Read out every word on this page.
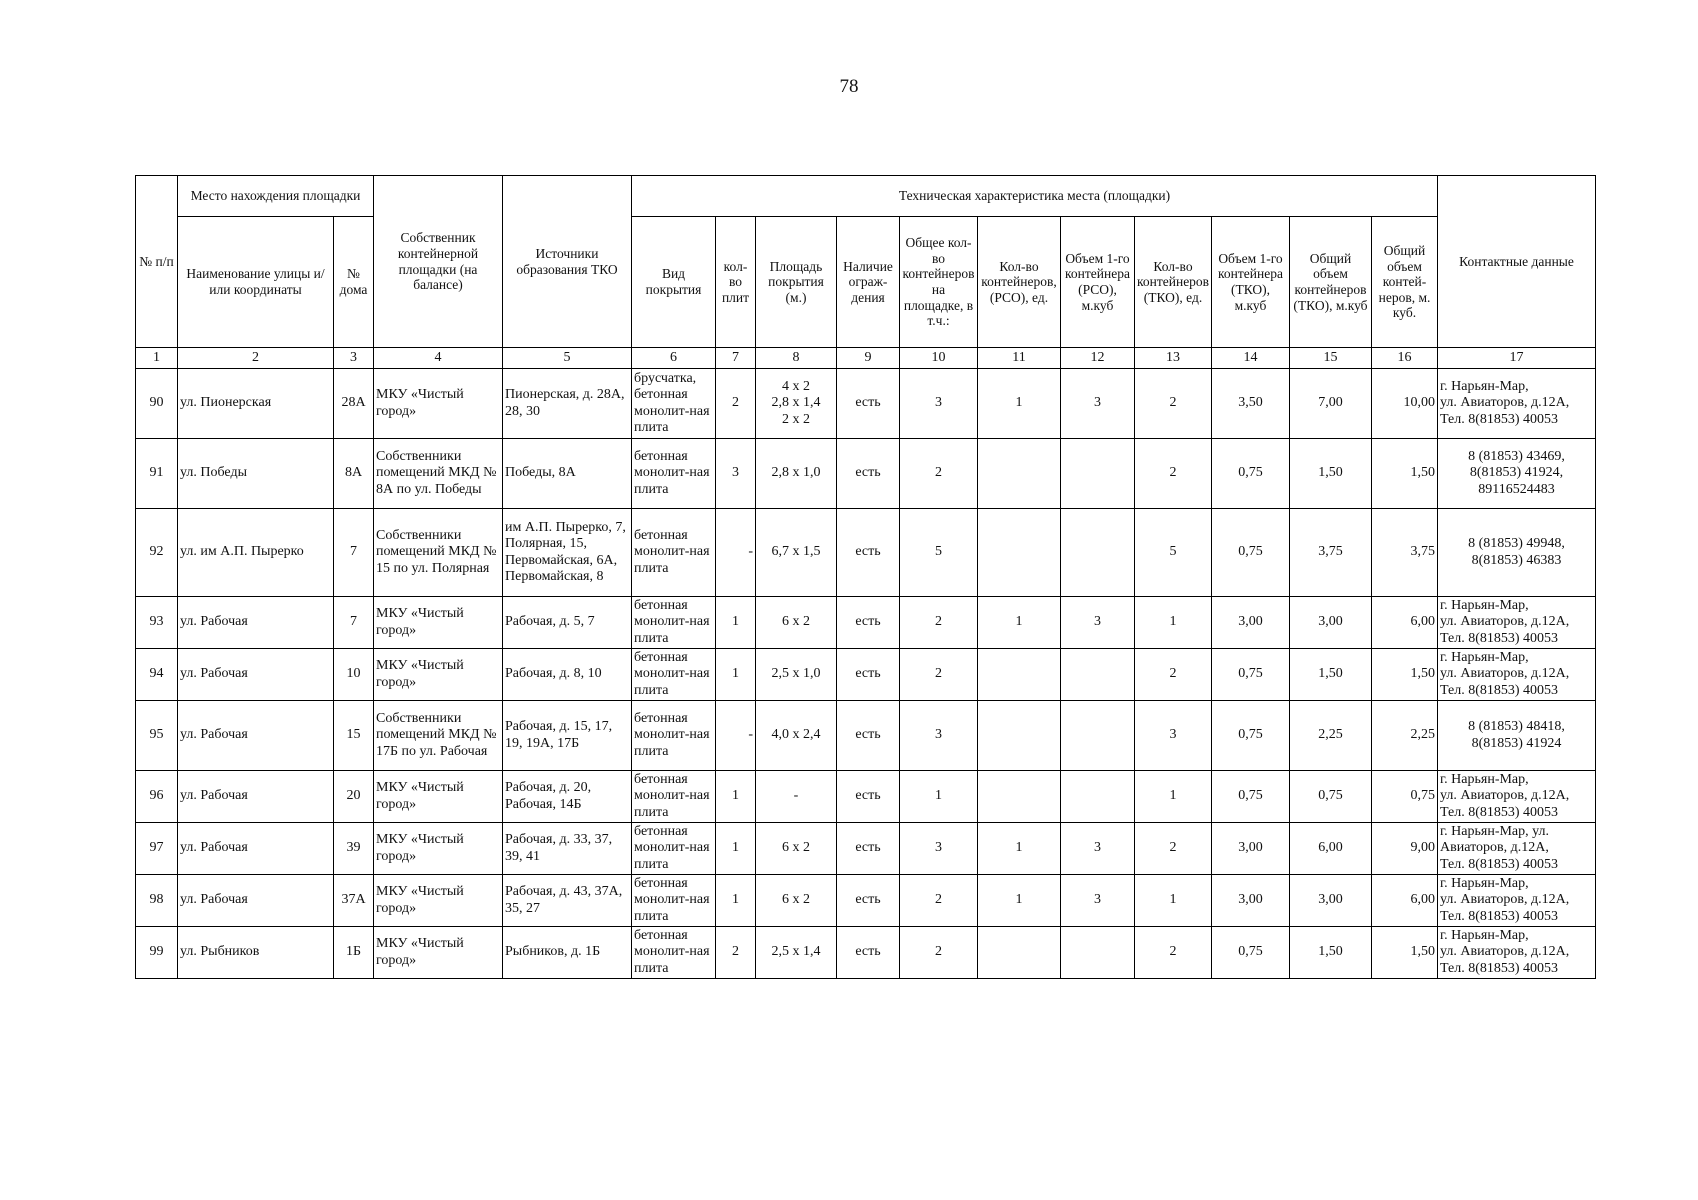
78
№ п/п	Место нахождения площадки		Собственник контейнерной площадки (на балансе)	Источники образования ТКО	Техническая характеристика места (площадки)											Контактные данные
	Наименование улицы и/или координаты	№ дома			Вид покрытия	кол-во плит	Площадь покрытия (м.)	Наличие ограж-дения	Общее кол-во контейнеров на площадке, в т.ч.:	Кол-во контейнеров, (РСО), ед.	Объем 1-го контейнера (РСО), м.куб	Кол-во контейнеров (ТКО), ед.	Объем 1-го контейнера (ТКО), м.куб	Общий объем контейнеров (ТКО), м.куб	Общий объем контей-неров, м. куб.	
1	2	3	4	5	6	7	8	9	10	11	12	13	14	15	16	17
90	ул. Пионерская	28А	МКУ «Чистый город»	Пионерская, д. 28А, 28, 30	брусчатка, бетонная монолит-ная плита	2	4 х 2
2,8 х 1,4
2 х 2	есть	3	1	3	2	3,50	7,00	10,00	г. Нарьян-Мар,
ул. Авиаторов, д.12А,
Тел. 8(81853) 40053
91	ул. Победы	8А	Собственники помещений МКД № 8А по ул. Победы	Победы, 8А	бетонная монолит-ная плита	3	2,8 х 1,0	есть	2			2	0,75	1,50	1,50	8 (81853) 43469,
8(81853) 41924,
89116524483
92	ул. им А.П. Пырерко	7	Собственники помещений МКД № 15 по ул. Полярная	им А.П. Пырерко, 7, Полярная, 15, Первомайская, 6А, Первомайская, 8	бетонная монолит-ная плита	-	6,7 х 1,5	есть	5			5	0,75	3,75	3,75	8 (81853) 49948,
8(81853) 46383
93	ул. Рабочая	7	МКУ «Чистый город»	Рабочая, д. 5, 7	бетонная монолит-ная плита	1	6 х 2	есть	2	1	3	1	3,00	3,00	6,00	г. Нарьян-Мар,
ул. Авиаторов, д.12А,
Тел. 8(81853) 40053
94	ул. Рабочая	10	МКУ «Чистый город»	Рабочая, д. 8, 10	бетонная монолит-ная плита	1	2,5 х 1,0	есть	2			2	0,75	1,50	1,50	г. Нарьян-Мар,
ул. Авиаторов, д.12А,
Тел. 8(81853) 40053
95	ул. Рабочая	15	Собственники помещений МКД № 17Б по ул. Рабочая	Рабочая, д. 15, 17, 19, 19А, 17Б	бетонная монолит-ная плита	-	4,0 х 2,4	есть	3			3	0,75	2,25	2,25	8 (81853) 48418,
8(81853) 41924
96	ул. Рабочая	20	МКУ «Чистый город»	Рабочая, д. 20, Рабочая, 14Б	бетонная монолит-ная плита	1	-	есть	1			1	0,75	0,75	0,75	г. Нарьян-Мар,
ул. Авиаторов, д.12А,
Тел. 8(81853) 40053
97	ул. Рабочая	39	МКУ «Чистый город»	Рабочая, д. 33, 37, 39, 41	бетонная монолит-ная плита	1	6 х 2	есть	3	1	3	2	3,00	6,00	9,00	г. Нарьян-Мар, ул. Авиаторов, д.12А,
Тел. 8(81853) 40053
98	ул. Рабочая	37А	МКУ «Чистый город»	Рабочая, д. 43, 37А, 35, 27	бетонная монолит-ная плита	1	6 х 2	есть	2	1	3	1	3,00	3,00	6,00	г. Нарьян-Мар,
ул. Авиаторов, д.12А,
Тел. 8(81853) 40053
99	ул. Рыбников	1Б	МКУ «Чистый город»	Рыбников, д. 1Б	бетонная монолит-ная плита	2	2,5 х 1,4	есть	2			2	0,75	1,50	1,50	г. Нарьян-Мар,
ул. Авиаторов, д.12А,
Тел. 8(81853) 40053
